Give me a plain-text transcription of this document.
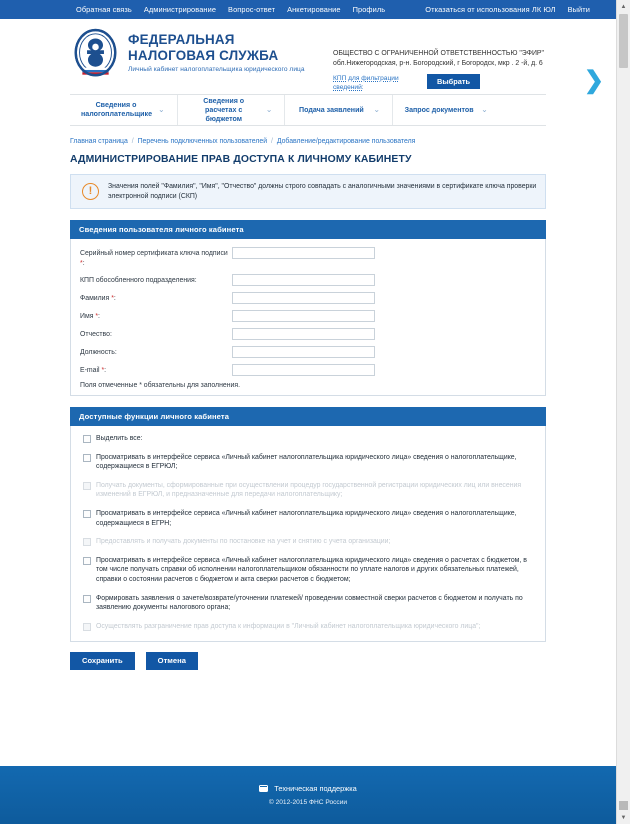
Обратная связь	Администрирование	Вопрос-ответ	Анкетирование	Профиль	Отказаться от использования ЛК ЮЛ	Выйти
ФЕДЕРАЛЬНАЯ
НАЛОГОВАЯ СЛУЖБА
Личный кабинет налогоплательщика юридического лица
ОБЩЕСТВО С ОГРАНИЧЕННОЙ ОТВЕТСТВЕННОСТЬЮ "ЭФИР"
обл.Нижегородская, р-н. Богородский, г Богородск, мкр . 2 -й, д. 6
КПП для фильтрации сведений:
Выбрать	❯
Сведения о налогоплательщике ⌄
Сведения о расчетах с бюджетом
⌄	Подача заявлений	⌄	Запрос документов ⌄
Главная страница / Перечень подключенных пользователей / Добавление/редактирование пользователя
АДМИНИСТРИРОВАНИЕ ПРАВ ДОСТУПА К ЛИЧНОМУ КАБИНЕТУ
!	Значения полей "Фамилия", "Имя", "Отчество" должны строго совпадать с аналогичными значениями в сертификате ключа проверки электронной подписи (СКП)
Сведения пользователя личного кабинета
Серийный номер сертификата ключа подписи *:
КПП обособленного подразделения:
Фамилия *:
Имя *:
Отчество:
Должность:
E-mail *:
Поля отмеченные * обязательны для заполнения.
Доступные функции личного кабинета
Выделить все:
Просматривать в интерфейсе сервиса «Личный кабинет налогоплательщика юридического лица» сведения о налогоплательщике, содержащиеся в ЕГРЮЛ;
Получать документы, сформированные при осуществлении процедур государственной регистрации юридических лиц или внесения изменений в ЕГРЮЛ, и предназначенные для передачи налогоплательщику;
Просматривать в интерфейсе сервиса «Личный кабинет налогоплательщика юридического лица» сведения о налогоплательщике, содержащиеся в ЕГРН;
Предоставлять и получать документы по постановке на учет и снятию с учета организации;
Просматривать в интерфейсе сервиса «Личный кабинет налогоплательщика юридического лица» сведения о расчетах с бюджетом, в том числе получать справки об исполнении налогоплательщиком обязанности по уплате налогов и других обязательных платежей, справки о состоянии расчетов с бюджетом и акта сверки расчетов с бюджетом;
Формировать заявления о зачете/возврате/уточнении платежей/ проведении совместной сверки расчетов с бюджетом и получать по заявлению документы налогового органа;
Осуществлять разграничение прав доступа к информации в "Личный кабинет налогоплательщика юридического лица";
Сохранить	Отмена
Техническая поддержка
© 2012-2015 ФНС России
▲
▼
